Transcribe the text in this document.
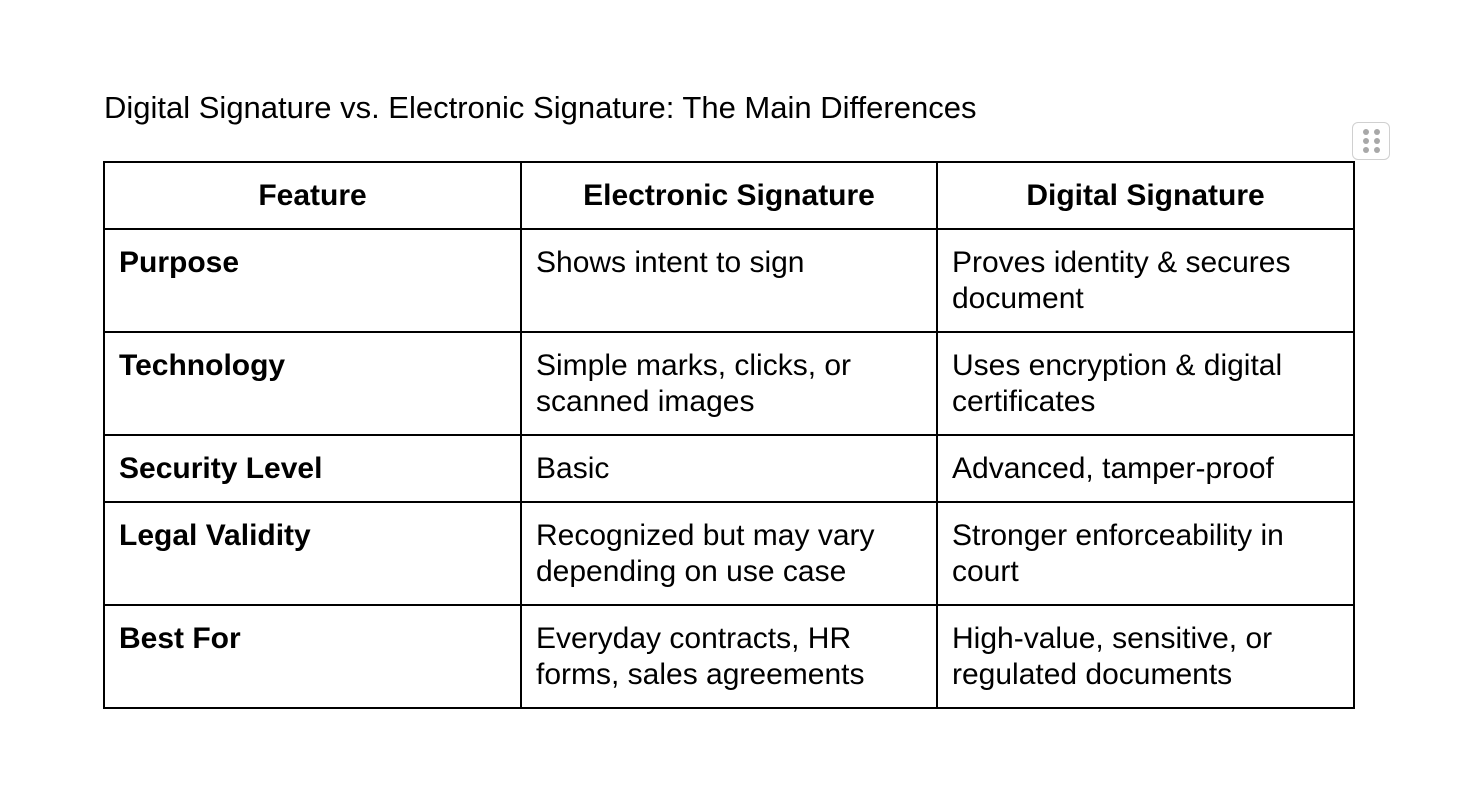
Digital Signature vs. Electronic Signature: The Main Differences
Feature	Electronic Signature	Digital Signature
Purpose	Shows intent to sign	Proves identity & secures document
Technology	Simple marks, clicks, or scanned images	Uses encryption & digital certificates
Security Level	Basic	Advanced, tamper-proof
Legal Validity	Recognized but may vary depending on use case	Stronger enforceability in court
Best For	Everyday contracts, HR forms, sales agreements	High-value, sensitive, or regulated documents
